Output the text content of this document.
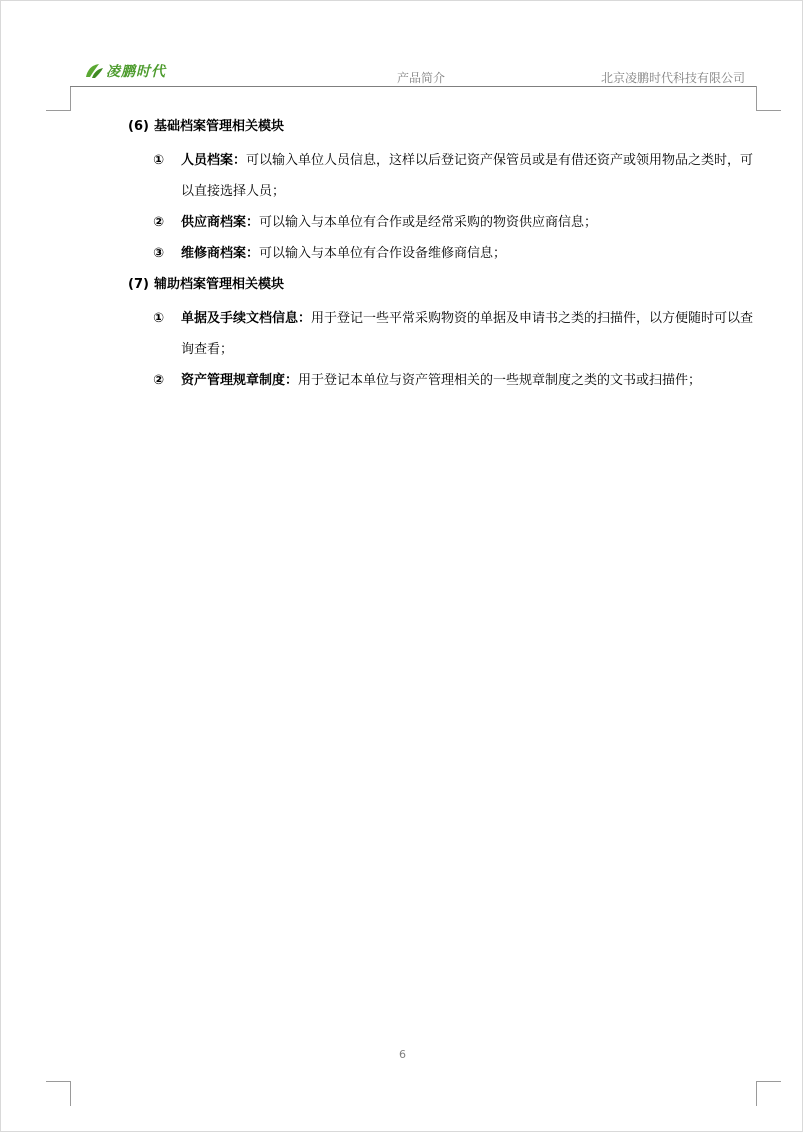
凌鹏时代	产品简介	北京凌鹏时代科技有限公司
(6) 基础档案管理相关模块
① 人员档案：可以输入单位人员信息，这样以后登记资产保管员或是有借还资产或领用物品之类时，可以直接选择人员；
② 供应商档案：可以输入与本单位有合作或是经常采购的物资供应商信息；
③ 维修商档案：可以输入与本单位有合作设备维修商信息；
(7) 辅助档案管理相关模块
① 单据及手续文档信息：用于登记一些平常采购物资的单据及申请书之类的扫描件，以方便随时可以查询查看；
② 资产管理规章制度：用于登记本单位与资产管理相关的一些规章制度之类的文书或扫描件；
6
